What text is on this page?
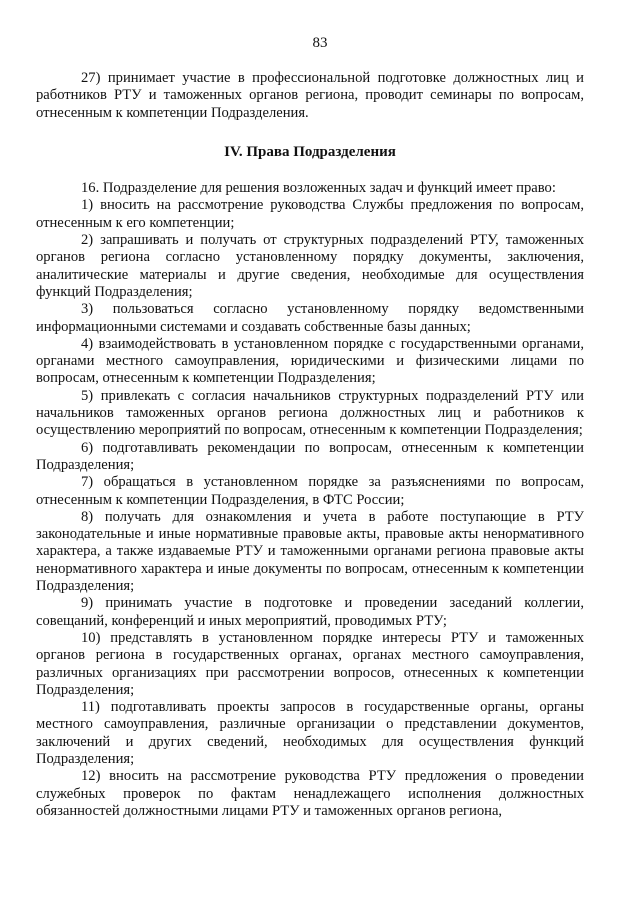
83

27) принимает участие в профессиональной подготовке должностных лиц и работников РТУ и таможенных органов региона, проводит семинары по вопросам, отнесенным к компетенции Подразделения.

IV. Права Подразделения

16. Подразделение для решения возложенных задач и функций имеет право:

1) вносить на рассмотрение руководства Службы предложения по вопросам, отнесенным к его компетенции;

2) запрашивать и получать от структурных подразделений РТУ, таможенных органов региона согласно установленному порядку документы, заключения, аналитические материалы и другие сведения, необходимые для осуществления функций Подразделения;

3) пользоваться согласно установленному порядку ведомственными информационными системами и создавать собственные базы данных;

4) взаимодействовать в установленном порядке с государственными органами, органами местного самоуправления, юридическими и физическими лицами по вопросам, отнесенным к компетенции Подразделения;

5) привлекать с согласия начальников структурных подразделений РТУ или начальников таможенных органов региона должностных лиц и работников к осуществлению мероприятий по вопросам, отнесенным к компетенции Подразделения;

6) подготавливать рекомендации по вопросам, отнесенным к компетенции Подразделения;

7) обращаться в установленном порядке за разъяснениями по вопросам, отнесенным к компетенции Подразделения, в ФТС России;

8) получать для ознакомления и учета в работе поступающие в РТУ законодательные и иные нормативные правовые акты, правовые акты ненормативного характера, а также издаваемые РТУ и таможенными органами региона правовые акты ненормативного характера и иные документы по вопросам, отнесенным к компетенции Подразделения;

9) принимать участие в подготовке и проведении заседаний коллегии, совещаний, конференций и иных мероприятий, проводимых РТУ;

10) представлять в установленном порядке интересы РТУ и таможенных органов региона в государственных органах, органах местного самоуправления, различных организациях при рассмотрении вопросов, отнесенных к компетенции Подразделения;

11) подготавливать проекты запросов в государственные органы, органы местного самоуправления, различные организации о представлении документов, заключений и других сведений, необходимых для осуществления функций Подразделения;

12) вносить на рассмотрение руководства РТУ предложения о проведении служебных проверок по фактам ненадлежащего исполнения должностных обязанностей должностными лицами РТУ и таможенных органов региона,
